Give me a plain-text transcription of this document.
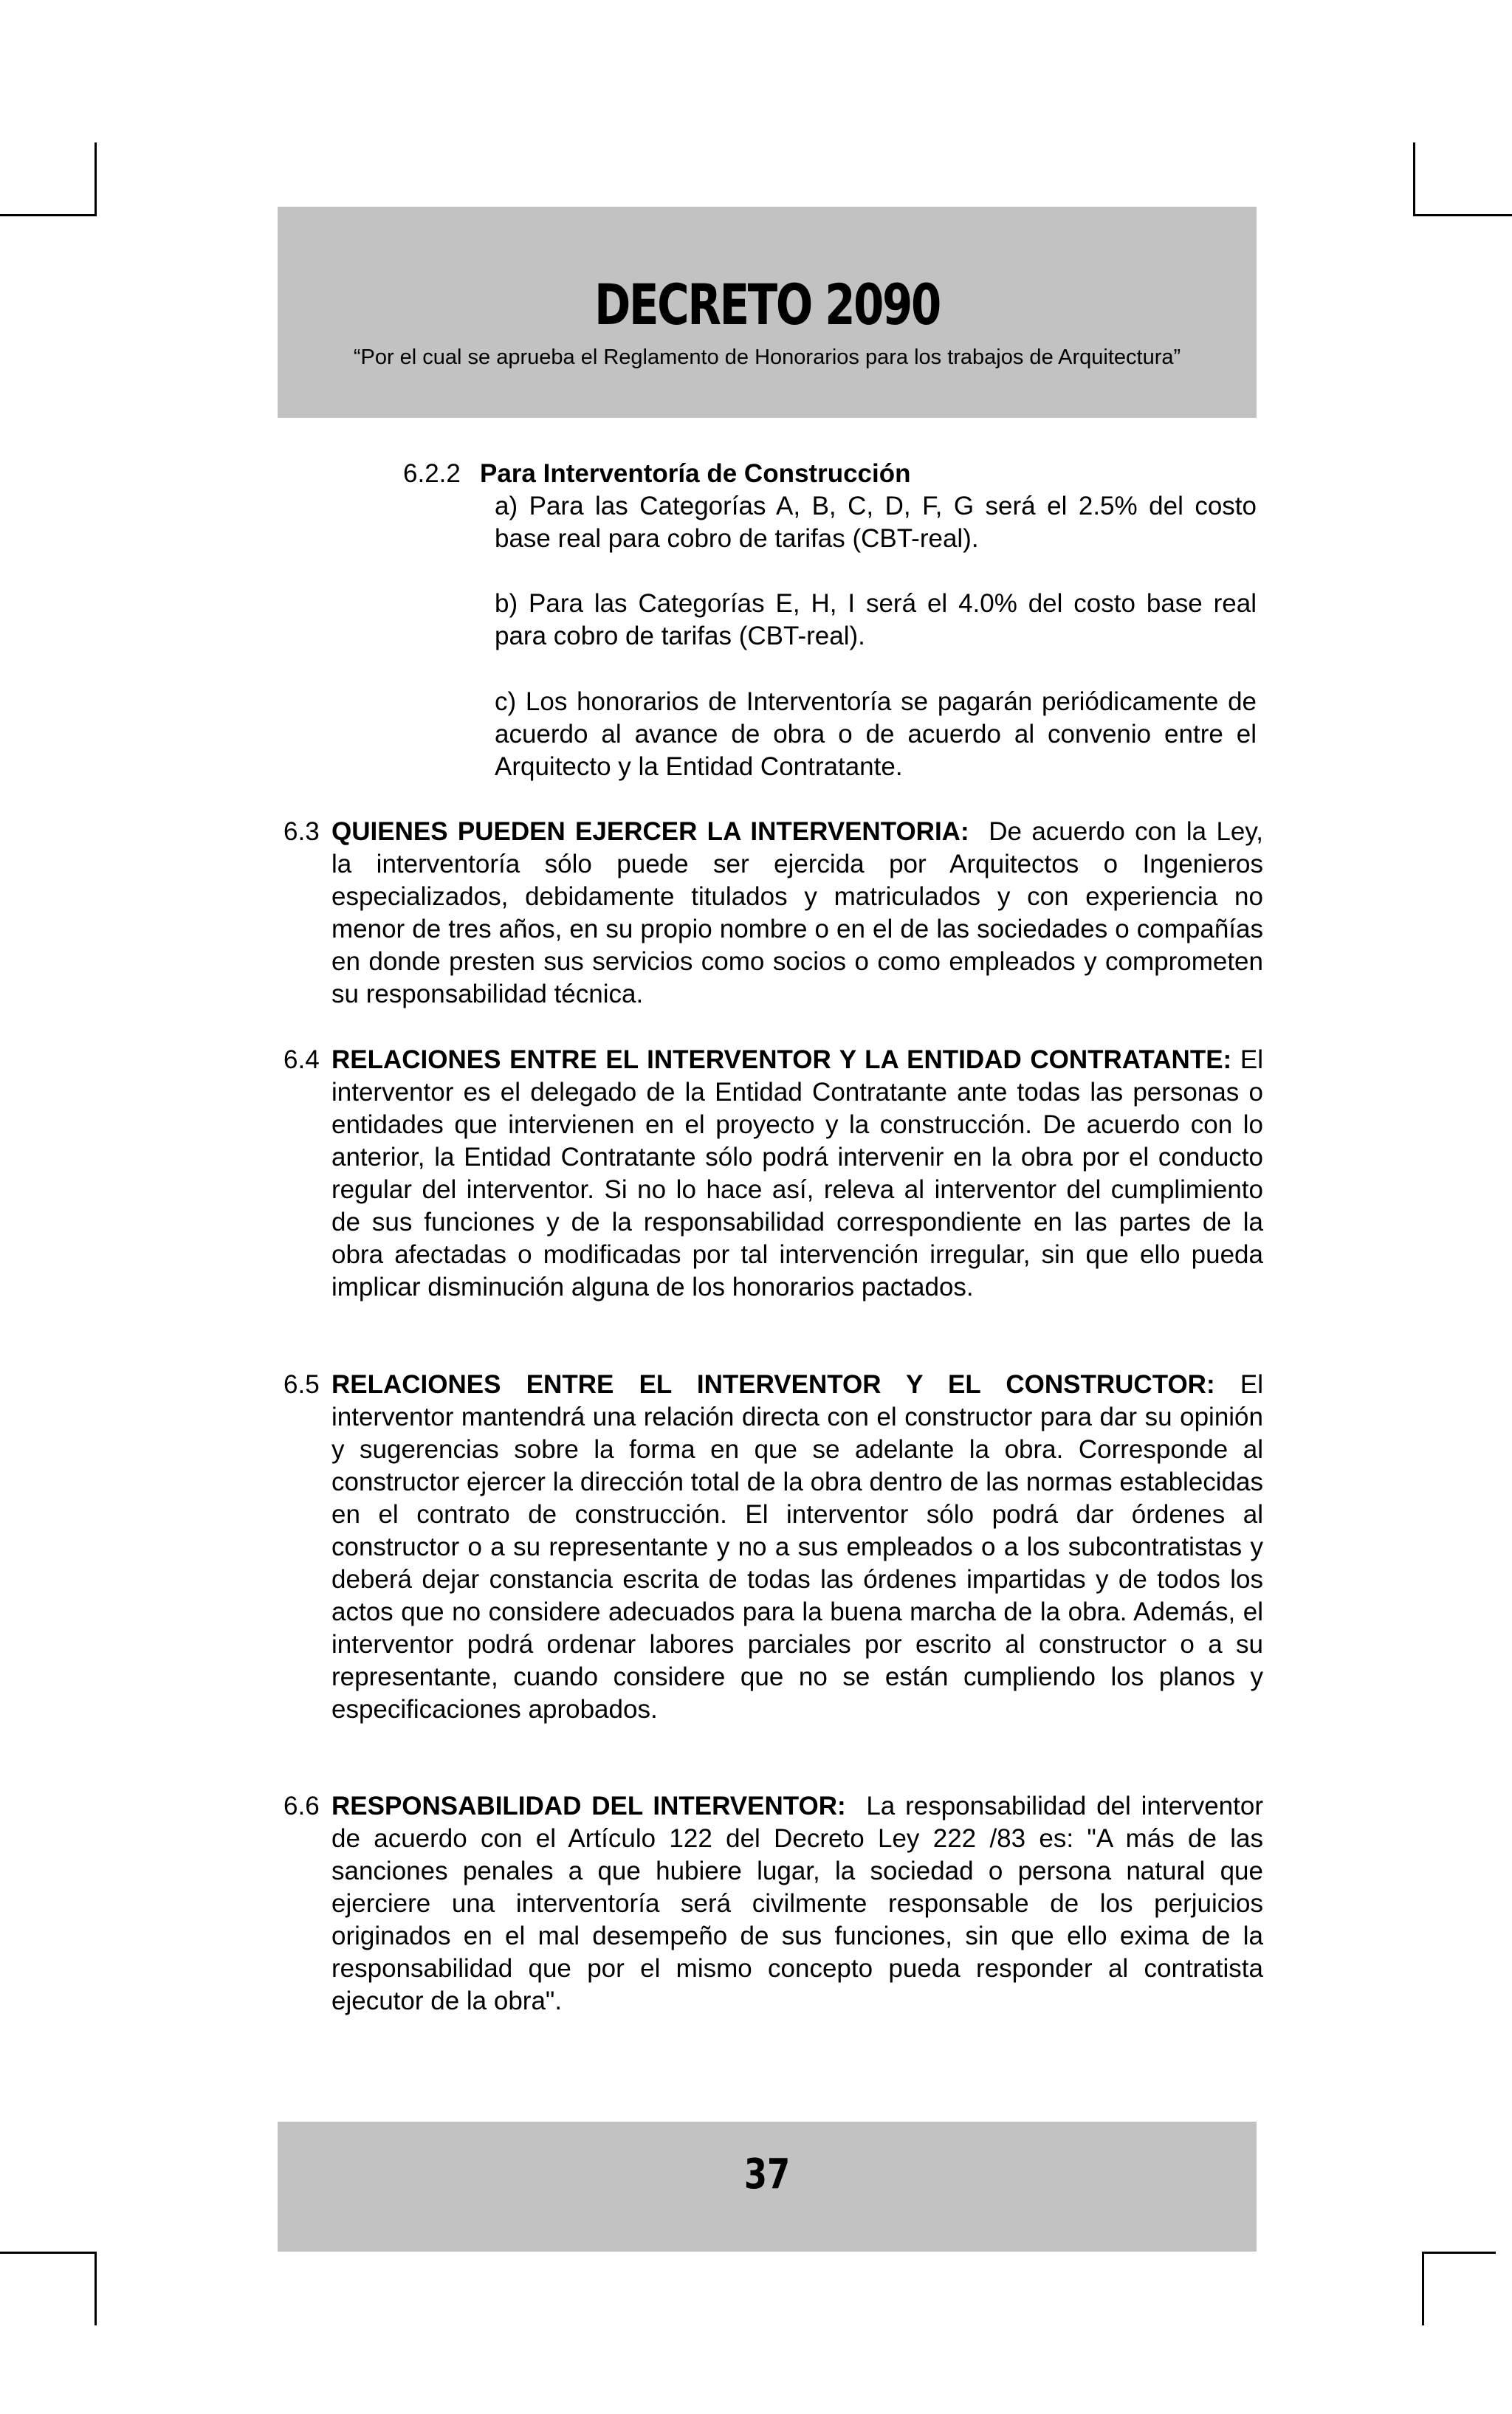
DECRETO 2090
“Por el cual se aprueba el Reglamento de Honorarios para los trabajos de Arquitectura”
6.2.2 Para Interventoría de Construcción
a) Para las Categorías A, B, C, D, F, G será el 2.5% del costo base real para cobro de tarifas (CBT-real).
b) Para las Categorías E, H, I será el 4.0% del costo base real para cobro de tarifas (CBT-real).
c) Los honorarios de Interventoría se pagarán periódicamente de acuerdo al avance de obra o de acuerdo al convenio entre el Arquitecto y la Entidad Contratante.
6.3 QUIENES PUEDEN EJERCER LA INTERVENTORIA: De acuerdo con la Ley, la interventoría sólo puede ser ejercida por Arquitectos o Ingenieros especializados, debidamente titulados y matriculados y con experiencia no menor de tres años, en su propio nombre o en el de las sociedades o compañías en donde presten sus servicios como socios o como empleados y comprometen su responsabilidad técnica.
6.4 RELACIONES ENTRE EL INTERVENTOR Y LA ENTIDAD CONTRATANTE: El interventor es el delegado de la Entidad Contratante ante todas las personas o entidades que intervienen en el proyecto y la construcción. De acuerdo con lo anterior, la Entidad Contratante sólo podrá intervenir en la obra por el conducto regular del interventor. Si no lo hace así, releva al interventor del cumplimiento de sus funciones y de la responsabilidad correspondiente en las partes de la obra afectadas o modificadas por tal intervención irregular, sin que ello pueda implicar disminución alguna de los honorarios pactados.
6.5 RELACIONES ENTRE EL INTERVENTOR Y EL CONSTRUCTOR: El interventor mantendrá una relación directa con el constructor para dar su opinión y sugerencias sobre la forma en que se adelante la obra. Corresponde al constructor ejercer la dirección total de la obra dentro de las normas establecidas en el contrato de construcción. El interventor sólo podrá dar órdenes al constructor o a su representante y no a sus empleados o a los subcontratistas y deberá dejar constancia escrita de todas las órdenes impartidas y de todos los actos que no considere adecuados para la buena marcha de la obra. Además, el interventor podrá ordenar labores parciales por escrito al constructor o a su representante, cuando considere que no se están cumpliendo los planos y especificaciones aprobados.
6.6 RESPONSABILIDAD DEL INTERVENTOR: La responsabilidad del interventor de acuerdo con el Artículo 122 del Decreto Ley 222 /83 es: "A más de las sanciones penales a que hubiere lugar, la sociedad o persona natural que ejerciere una interventoría será civilmente responsable de los perjuicios originados en el mal desempeño de sus funciones, sin que ello exima de la responsabilidad que por el mismo concepto pueda responder al contratista ejecutor de la obra".
37
